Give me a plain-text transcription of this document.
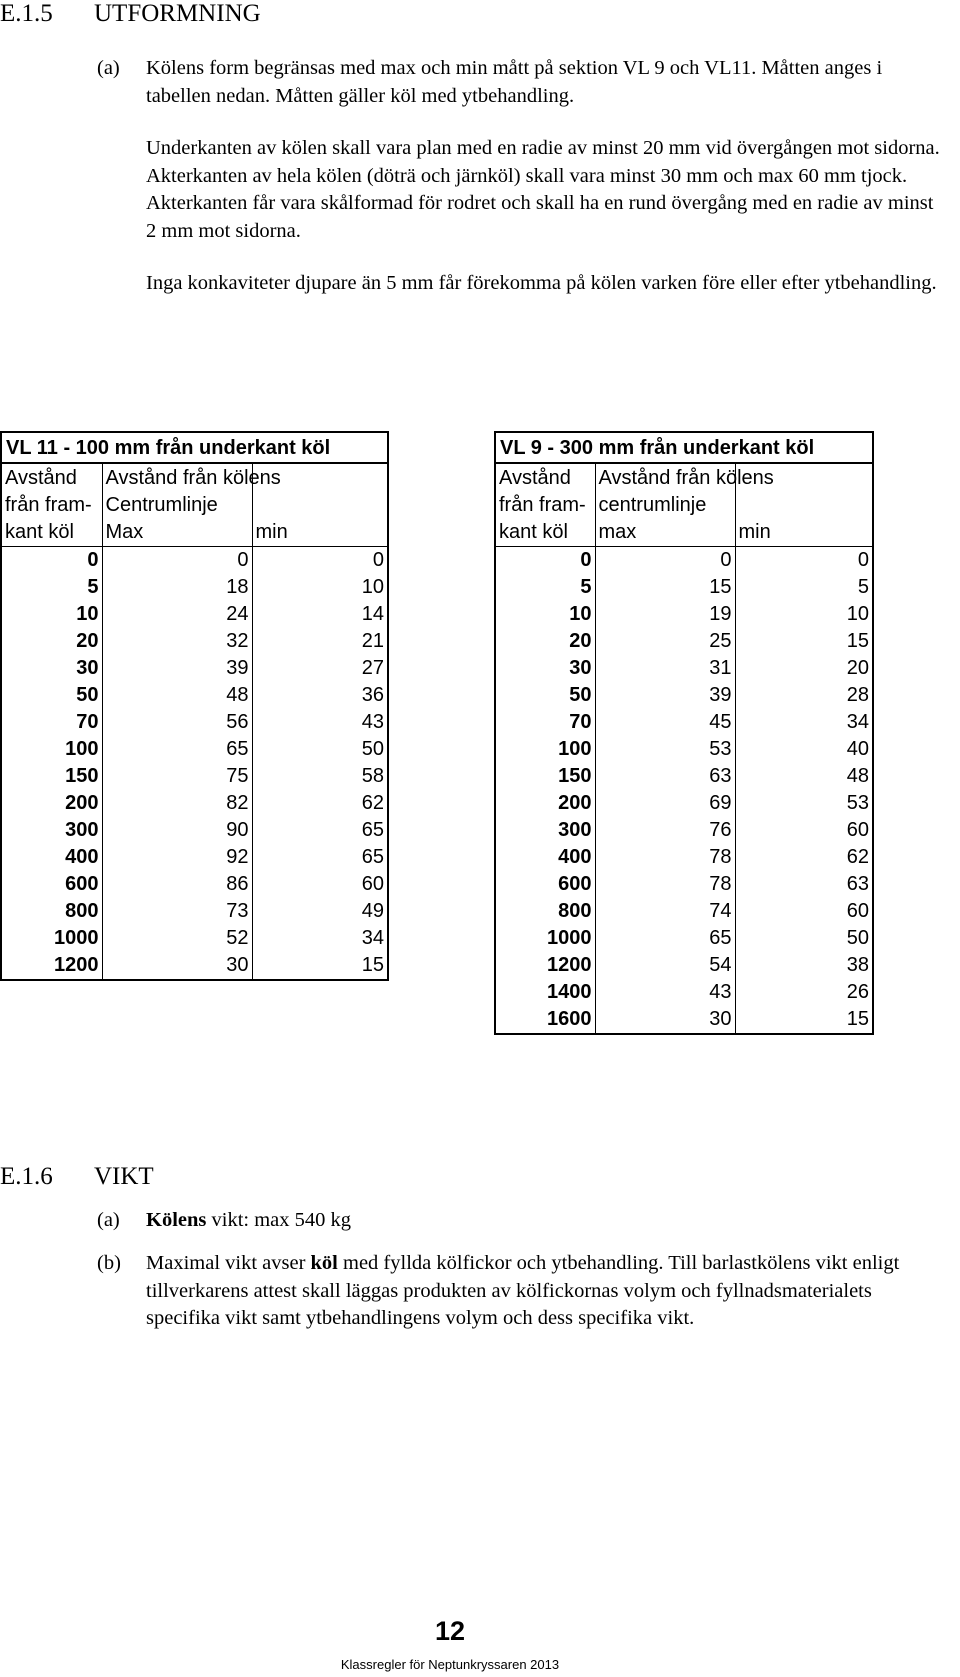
E.1.5 UTFORMNING
(a) Kölens form begränsas med max och min mått på sektion VL 9 och VL11. Måtten anges i tabellen nedan. Måtten gäller köl med ytbehandling.

Underkanten av kölen skall vara plan med en radie av minst 20 mm vid övergången mot sidorna. Akterkanten av hela kölen (döträ och järnköl) skall vara minst 30 mm och max 60 mm tjock. Akterkanten får vara skålformad för rodret och skall ha en rund övergång med en radie av minst 2 mm mot sidorna.

Inga konkaviteter djupare än 5 mm får förekomma på kölen varken före eller efter ytbehandling.

VL 11 - 100 mm från underkant köl		
Avstånd	Avstånd från kölens	
från fram-	Centrumlinje	
kant köl	Max	min
0	0	0
5	18	10
10	24	14
20	32	21
30	39	27
50	48	36
70	56	43
100	65	50
150	75	58
200	82	62
300	90	65
400	92	65
600	86	60
800	73	49
1000	52	34
1200	30	15
VL 9 - 300 mm från underkant köl		
Avstånd	Avstånd från kölens	
från fram-	centrumlinje	
kant köl	max	min
0	0	0
5	15	5
10	19	10
20	25	15
30	31	20
50	39	28
70	45	34
100	53	40
150	63	48
200	69	53
300	76	60
400	78	62
600	78	63
800	74	60
1000	65	50
1200	54	38
1400	43	26
1600	30	15
E.1.6 VIKT
(a) Kölens vikt: max 540 kg

(b) Maximal vikt avser köl med fyllda kölfickor och ytbehandling. Till barlastkölens vikt enligt tillverkarens attest skall läggas produkten av kölfickornas volym och fyllnadsmaterialets specifika vikt samt ytbehandlingens volym och dess specifika vikt.

12
Klassregler för Neptunkryssaren 2013
